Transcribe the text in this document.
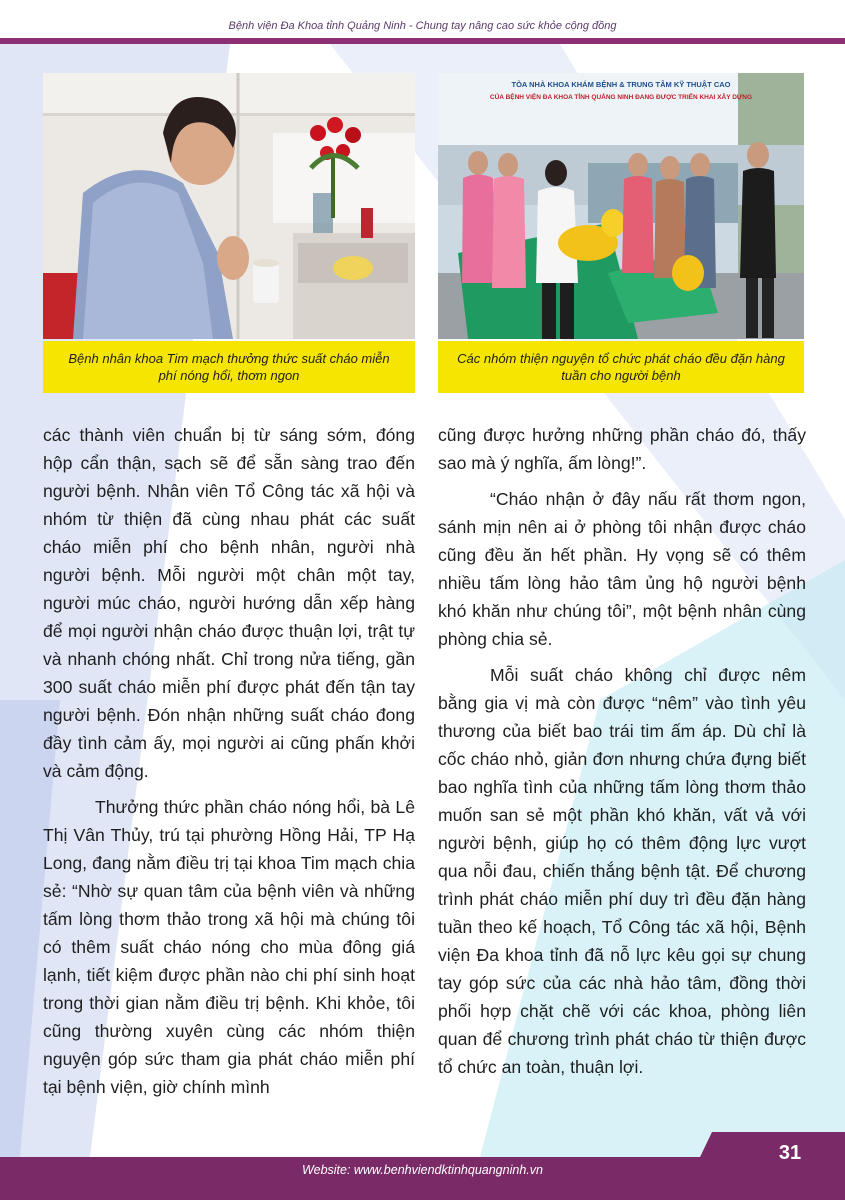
Bệnh viện Đa Khoa tỉnh Quảng Ninh - Chung tay nâng cao sức khỏe cộng đồng
TÒA NHÀ KHOA KHÁM BỆNH & TRUNG TÂM KỸ THUẬT CAO
CỦA BỆNH VIỆN ĐA KHOA TỈNH QUẢNG NINH ĐANG ĐƯỢC TRIỂN KHAI XÂY DỰNG
Bệnh nhân khoa Tim mạch thưởng thức suất cháo miễn phí nóng hổi, thơm ngon
Các nhóm thiện nguyện tổ chức phát cháo đều đặn hàng tuần cho người bệnh

các thành viên chuẩn bị từ sáng sớm, đóng hộp cẩn thận, sạch sẽ để sẵn sàng trao đến người bệnh. Nhân viên Tổ Công tác xã hội và nhóm từ thiện đã cùng nhau phát các suất cháo miễn phí cho bệnh nhân, người nhà người bệnh. Mỗi người một chân một tay, người múc cháo, người hướng dẫn xếp hàng để mọi người nhận cháo được thuận lợi, trật tự và nhanh chóng nhất. Chỉ trong nửa tiếng, gần 300 suất cháo miễn phí được phát đến tận tay người bệnh. Đón nhận những suất cháo đong đầy tình cảm ấy, mọi người ai cũng phấn khởi và cảm động.

Thưởng thức phần cháo nóng hổi, bà Lê Thị Vân Thủy, trú tại phường Hồng Hải, TP Hạ Long, đang nằm điều trị tại khoa Tim mạch chia sẻ: “Nhờ sự quan tâm của bệnh viên và những tấm lòng thơm thảo trong xã hội mà chúng tôi có thêm suất cháo nóng cho mùa đông giá lạnh, tiết kiệm được phần nào chi phí sinh hoạt trong thời gian nằm điều trị bệnh. Khi khỏe, tôi cũng thường xuyên cùng các nhóm thiện nguyện góp sức tham gia phát cháo miễn phí tại bệnh viện, giờ chính mình

cũng được hưởng những phần cháo đó, thấy sao mà ý nghĩa, ấm lòng!”.

“Cháo nhận ở đây nấu rất thơm ngon, sánh mịn nên ai ở phòng tôi nhận được cháo cũng đều ăn hết phần. Hy vọng sẽ có thêm nhiều tấm lòng hảo tâm ủng hộ người bệnh khó khăn như chúng tôi”, một bệnh nhân cùng phòng chia sẻ.

Mỗi suất cháo không chỉ được nêm bằng gia vị mà còn được “nêm” vào tình yêu thương của biết bao trái tim ấm áp. Dù chỉ là cốc cháo nhỏ, giản đơn nhưng chứa đựng biết bao nghĩa tình của những tấm lòng thơm thảo muốn san sẻ một phần khó khăn, vất vả với người bệnh, giúp họ có thêm động lực vượt qua nỗi đau, chiến thắng bệnh tật. Để chương trình phát cháo miễn phí duy trì đều đặn hàng tuần theo kế hoạch, Tổ Công tác xã hội, Bệnh viện Đa khoa tỉnh đã nỗ lực kêu gọi sự chung tay góp sức của các nhà hảo tâm, đồng thời phối hợp chặt chẽ với các khoa, phòng liên quan để chương trình phát cháo từ thiện được tổ chức an toàn, thuận lợi.

Website: www.benhviendktinhquangninh.vn
31
